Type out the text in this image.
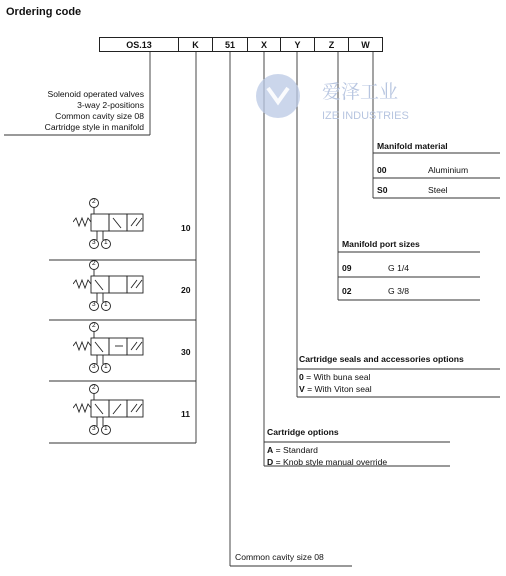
Ordering code
OS.13	K	51	X	Y	Z	W
Solenoid operated valves
3-way 2-positions
Common cavity size 08
Cartridge style in manifold
2
3 1
2
3 1
2
3 1
2
3 1
10
20
30
11
爱泽工业
IZE INDUSTRIES
Manifold material
00	Aluminium
S0	Steel
Manifold port sizes
09	G 1/4
02	G 3/8
Cartridge seals and accessories options
0 = With buna seal
V = With Viton seal
Cartridge options
A = Standard
D = Knob style manual override
Common cavity size 08
